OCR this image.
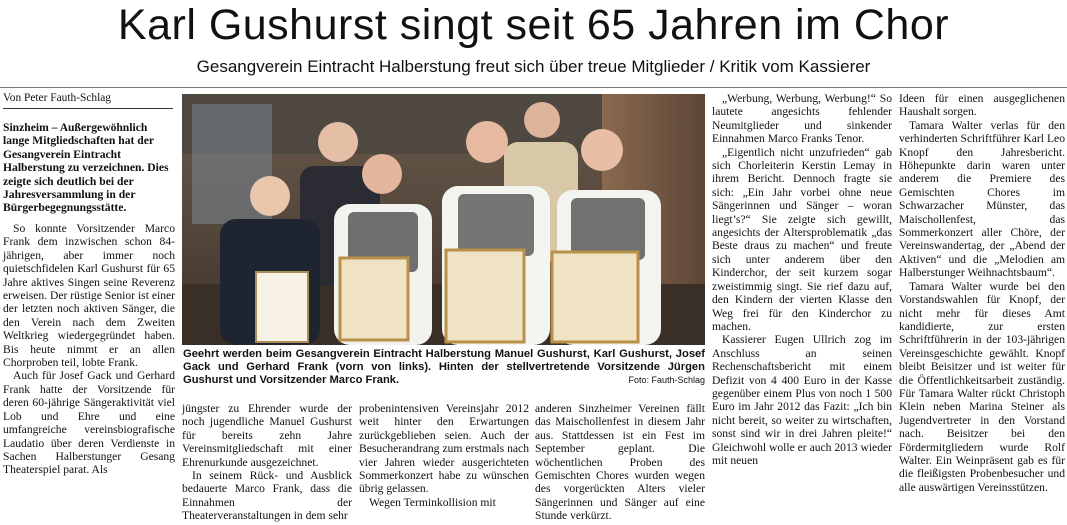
Karl Gushurst singt seit 65 Jahren im Chor
Gesangverein Eintracht Halberstung freut sich über treue Mitglieder / Kritik vom Kassierer
Von Peter Fauth-Schlag
Sinzheim – Außergewöhnlich lange Mitgliedschaften hat der Gesangverein Eintracht Halberstung zu verzeichnen. Dies zeigte sich deutlich bei der Jahresversammlung in der Bürgerbegegnungsstätte.

So konnte Vorsitzender Marco Frank dem inzwischen schon 84-jährigen, aber immer noch quietschfidelen Karl Gushurst für 65 Jahre aktives Singen seine Reverenz erweisen. Der rüstige Senior ist einer der letzten noch aktiven Sänger, die den Verein nach dem Zweiten Weltkrieg wiedergegründet haben. Bis heute nimmt er an allen Chorproben teil, lobte Frank.

Auch für Josef Gack und Gerhard Frank hatte der Vorsitzende für deren 60-jährige Sängeraktivität viel Lob und Ehre und eine umfangreiche vereinsbiografische Laudatio über deren Verdienste in Sachen Halberstunger Gesang Theaterspiel parat. Als

Geehrt werden beim Gesangverein Eintracht Halberstung Manuel Gushurst, Karl Gushurst, Josef Gack und Gerhard Frank (vorn von links). Hinten der stellvertretende Vorsitzende Jürgen Gushurst und Vorsitzender Marco Frank.	Foto: Fauth-Schlag

jüngster zu Ehrender wurde der noch jugendliche Manuel Gushurst für bereits zehn Jahre Vereinsmitgliedschaft mit einer Ehrenurkunde ausgezeichnet.

In seinem Rück- und Ausblick bedauerte Marco Frank, dass die Einnahmen der Theaterveranstaltungen in dem sehr

probenintensiven Vereinsjahr 2012 weit hinter den Erwartungen zurückgeblieben seien. Auch der Besucherandrang zum erstmals nach vier Jahren wieder ausgerichteten Sommerkonzert habe zu wünschen übrig gelassen.

Wegen Terminkollision mit

anderen Sinzheimer Vereinen fällt das Maischollenfest in diesem Jahr aus. Stattdessen ist ein Fest im September geplant. Die wöchentlichen Proben des Gemischten Chores wurden wegen des vorgerückten Alters vieler Sängerinnen und Sänger auf eine Stunde verkürzt.

„Werbung, Werbung, Werbung!“ So lautete angesichts fehlender Neumitglieder und sinkender Einnahmen Marco Franks Tenor.

„Eigentlich nicht unzufrieden“ gab sich Chorleiterin Kerstin Lemay in ihrem Bericht. Dennoch fragte sie sich: „Ein Jahr vorbei ohne neue Sängerinnen und Sänger – woran liegt’s?“ Sie zeigte sich gewillt, angesichts der Altersproblematik „das Beste draus zu machen“ und freute sich unter anderem über den Kinderchor, der seit kurzem sogar zweistimmig singt. Sie rief dazu auf, den Kindern der vierten Klasse den Weg frei für den Kinderchor zu machen.

Kassierer Eugen Ullrich zog im Anschluss an seinen Rechenschaftsbericht mit einem Defizit von 4 400 Euro in der Kasse gegenüber einem Plus von noch 1 500 Euro im Jahr 2012 das Fazit: „Ich bin nicht bereit, so weiter zu wirtschaften, sonst sind wir in drei Jahren pleite!“ Gleichwohl wolle er auch 2013 wieder mit neuen

Ideen für einen ausgeglichenen Haushalt sorgen.

Tamara Walter verlas für den verhinderten Schriftführer Karl Leo Knopf den Jahresbericht. Höhepunkte darin waren unter anderem die Premiere des Gemischten Chores im Schwarzacher Münster, das Maischollenfest, das Sommerkonzert aller Chöre, der Vereinswandertag, der „Abend der Aktiven“ und die „Melodien am Halberstunger Weihnachtsbaum“.

Tamara Walter wurde bei den Vorstandswahlen für Knopf, der nicht mehr für dieses Amt kandidierte, zur ersten Schriftführerin in der 103-jährigen Vereinsgeschichte gewählt. Knopf bleibt Beisitzer und ist weiter für die Öffentlichkeitsarbeit zuständig. Für Tamara Walter rückt Christoph Klein neben Marina Steiner als Jugendvertreter in den Vorstand nach. Beisitzer bei den Fördermitgliedern wurde Rolf Walter. Ein Weinpräsent gab es für die fleißigsten Probenbesucher und alle auswärtigen Vereinsstützen.
